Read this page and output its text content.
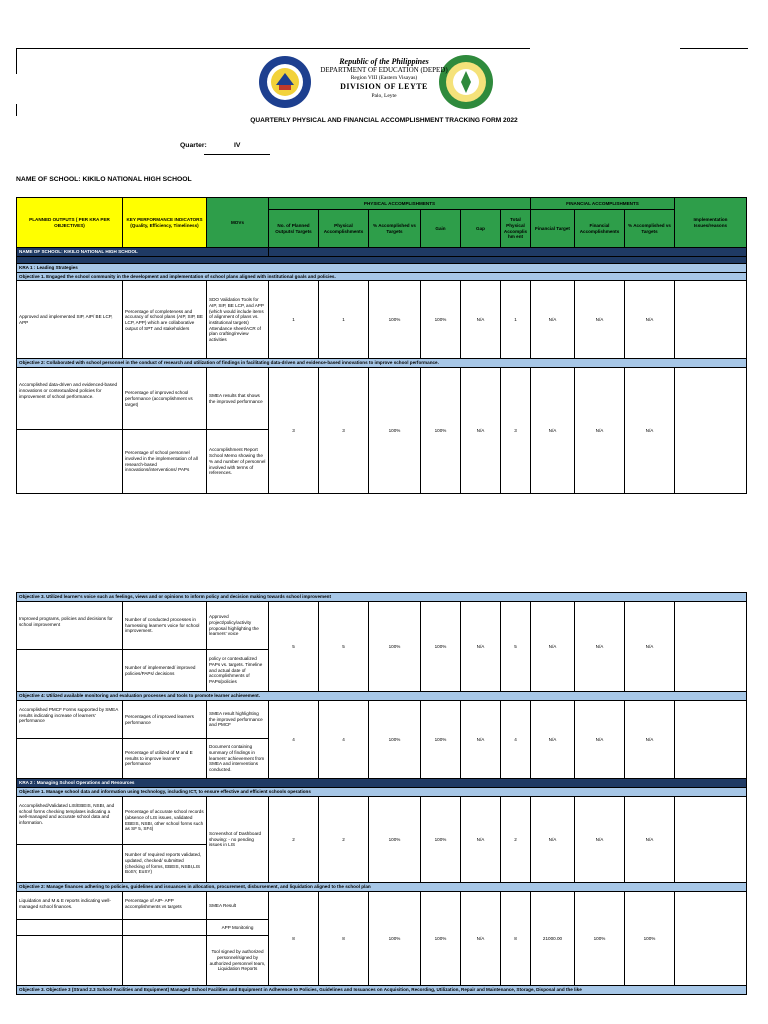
Republic of the Philippines
DEPARTMENT OF EDUCATION (DEPED)
Region VIII (Eastern Visayas)
DIVISION OF LEYTE
Palo, Leyte
QUARTERLY PHYSICAL AND FINANCIAL ACCOMPLISHMENT TRACKING FORM 2022
Quarter:	IV
NAME OF SCHOOL: KIKILO NATIONAL HIGH SCHOOL
PLANNED OUTPUTS ( PER KRA PER OBJECTIVES)	KEY PERFORMANCE INDICATORS (Quality, Efficiency, Timeliness)	MOVs	PHYSICAL ACCOMPLISHMENTS						FINANCIAL ACCOMPLISHMENTS			Implementation Issues/reasons
			No. of Planned Outputs/ Targets	Physical Accomplishments	% Accomplished vs Targets	Gain	Gap	Total Physical Accomplishm ent	Financial Target	Financial Accomplishments	% Accomplished vs Targets	
NAME OF SCHOOL: KIKILO NATIONAL HIGH SCHOOL												

KRA 1 : Leading Strategies												
Objective 1. Engaged the school community in the development and implementation of school plans aligned with institutional goals and policies.												
Approved and implemented SIP, AIP/ BE LCP, APP	Percentage of completeness and accuracy of school plans (AIP, SIP, BE LCP, APP) which are collaborative output of SPT and stakeholders	SDO Validation Tools for AIP, SIP, BE LCP, and APP (which would include items of alignment of plans vs. institutional targets) Attendance sheet/ACR of plan crafting/review activities	1	1	100%	100%	N/A	1	N/A	N/A	N/A	
Objective 2: Collaborated with school personnel in the conduct of research and utilization of findings in facilitating data-driven and evidence-based innovations to improve school performance.												
Accomplished data-driven and evidenced-based innovations or contextualized policies for improvement of school performance.	Percentage of improved school performance (accomplishment vs target)	SMEA results that shows the improved performance	3	3	100%	100%	N/A	3	N/A	N/A	N/A	
	Percentage of school personnel involved in the implementation of all research-based innovations/interventions/ PAPs	Accomplishment Report School Memo showing the % and number of personnel involved with terms of references.										
Objective 3. Utilized learner's voice such as feelings, views and or opinions to inform policy and decision making towards school improvement												
Improved programs, policies and decisions for school improvement	Number of conducted processes in harnessing learner's voice for school improvement.	Approved project/policy/activity proposal highlighting the learners' voice	5	5	100%	100%	N/A	5	N/A	N/A	N/A	
	Number of implemented/ improved policies/PAPs/ decisions	policy or contextualized PAPs vs. targets. Timeline and actual date of accomplishments of PAPs/policies										
Objective 4: Utilized available monitoring and evaluation processes and tools to promote learner achievement.												
Accomplished PMCF Forms supported by SMEA results indicating increase of learners' performance	Percentages of improved learners performance	SMEA result highlighting the improved performance and PMCF	4	4	100%	100%	N/A	4	N/A	N/A	N/A	
	Percentage of utilized of M and E results to improve learners' performance	Document containing summary of findings in learners' achievement from SMEA and interventions conducted.										
KRA 2 : Managing School Operations and Resources												
Objective 1. Manage school data and information using technology, including ICT, to ensure effective and efficient schools operations												
Accomplished/Validated LIS/EBEIS, NSBI, and school forms checking templates indicating a well-managed and accurate school data and information.	Percentage of accurate school records (absence of LIS issues, validated EBEIS, NSBI, other school forms such as SF 5, SF4)	Screenshot of Dashboard showing: - no pending issues in LIS	2	2	100%	100%	N/A	2	N/A	N/A	N/A	
	Number of required reports validated, updated, checked/ submitted (checking of forms, EBEIS, NSBI,LIS BoSY, EoSY)											
Objective 2: Manage finances adhering to policies, guidelines and issuances in allocation, procurement, disbursement, and liquidation aligned to the school plan												
Liquidation and M & E reports indicating well-managed school finances.	Percentage of AIP- APP accomplishments vs targets	SMEA Result	8	8	100%	100%	N/A	8	21000.00	100%	100%	
		APP Monitoring										
		Tool signed by authorized personnel/signed by authorized personnel team, Liquidation Reports										
Objective 3. Objective 3 (Strand 2.3 School Facilities and Equipment) Managed School Facilities and Equipment in Adherence to Policies, Guidelines and Issuances on Acquisition, Recording, Utilization, Repair and Maintenance, Storage, Disposal and the like												
